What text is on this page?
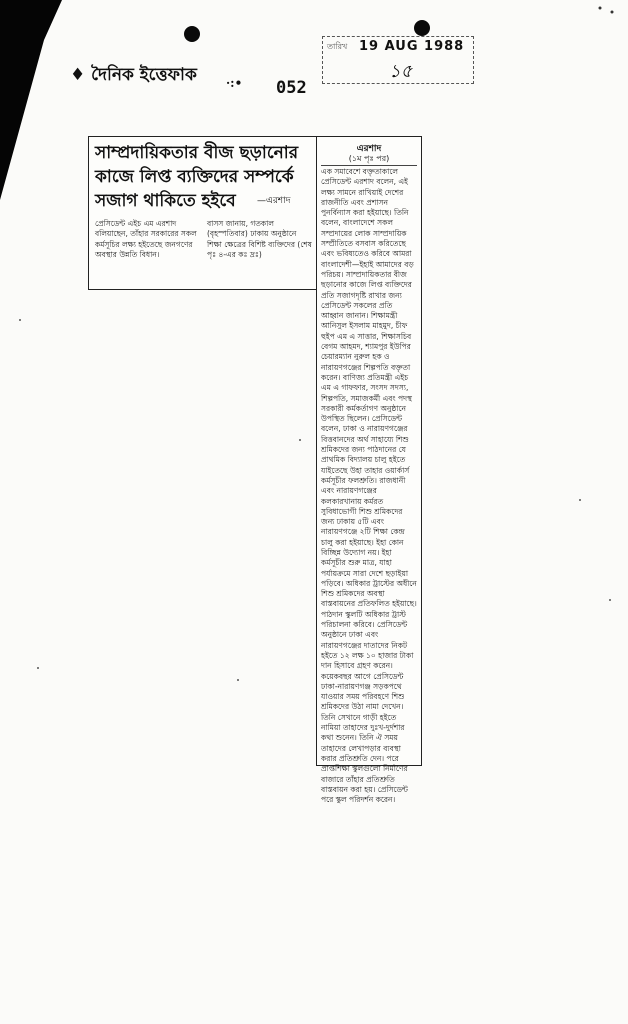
তারিখ 19 AUG 1988
১৫
♦ দৈনিক ইত্তেফাক ·:• 052
সাম্প্রদায়িকতার বীজ ছড়ানোর কাজে লিপ্ত ব্যক্তিদের সম্পর্কে সজাগ থাকিতে হইবে	—এরশাদ
প্রেসিডেন্ট এইচ এম এরশাদ বলিয়াছেন, তাঁহার সরকারের সকল কর্মসূচির লক্ষ্য হইতেছে জনগণের অবস্থার উন্নতি বিধান।
বাসস জানায়, গতকাল (বৃহস্পতিবার) ঢাকায় অনুষ্ঠানে শিক্ষা ক্ষেত্রের বিশিষ্ট ব্যক্তিদের (শেষ পৃঃ ৪-এর কঃ দ্রঃ)
এরশাদ
(১ম পৃঃ পর)
এক সমাবেশে বক্তৃতাকালে প্রেসিডেন্ট এরশাদ বলেন, এই লক্ষ্য সামনে রাখিয়াই দেশের রাজনীতি এবং প্রশাসন পুনর্বিন্যাস করা হইয়াছে। তিনি বলেন, বাংলাদেশে সকল সম্প্রদায়ের লোক সাম্প্রদায়িক সম্প্রীতিতে বসবাস করিতেছে এবং ভবিষ্যতেও করিবে আমরা বাংলাদেশী—ইহাই আমাদের বড় পরিচয়। সাম্প্রদায়িকতার বীজ ছড়ানোর কাজে লিপ্ত ব্যক্তিদের প্রতি সজাগদৃষ্টি রাখার জন্য প্রেসিডেন্ট সকলের প্রতি আহ্বান জানান। শিক্ষামন্ত্রী আনিসুল ইসলাম মাহমুদ, চীফ হুইপ এম এ সাত্তার, শিক্ষাসচিব বেগম আহমদ, শ্যামপুর ইউপির চেয়ারম্যান নুরুল হক ও নারায়ণগঞ্জের শিল্পপতি বক্তৃতা করেন। বাণিজ্য প্রতিমন্ত্রী এইচ এম এ গাফফার, সংসদ সদস্য, শিল্পপতি, সমাজকর্মী এবং পদস্থ সরকারী কর্মকর্তাগণ অনুষ্ঠানে উপস্থিত ছিলেন। প্রেসিডেন্ট বলেন, ঢাকা ও নারায়ণগঞ্জের বিত্তবানদের অর্থ সাহায্যে শিশু শ্রমিকদের জন্য পাঠদানের যে প্রাথমিক বিদ্যালয় চালু হইতে যাইতেছে উহা তাহার ওয়ার্কার্স কর্মসূচীর ফলশ্রুতি। রাজধানী এবং নারায়ণগঞ্জের কলকারখানায় কর্মরত সুবিধাভোগী শিশু শ্রমিকদের জন্য ঢাকায় ৫টি এবং নারায়ণগঞ্জে ২টি শিক্ষা কেন্দ্র চালু করা হইয়াছে। ইহা কোন বিচ্ছিন্ন উদ্যোগ নয়। ইহা কর্মসূচীর শুরু মাত্র, যাহা পর্যায়ক্রমে সারা দেশে ছড়াইয়া পড়িবে। অধিকার ট্রাস্টের অধীনে শিশু শ্রমিকদের অবস্থা বাস্তবায়নের প্রতিফলিত হইয়াছে। পাঠদান স্কুলটি অধিকার ট্রাস্ট পরিচালনা করিবে। প্রেসিডেন্ট অনুষ্ঠানে ঢাকা এবং নারায়ণগঞ্জের দাতাদের নিকট হইতে ১২ লক্ষ ১০ হাজার টাকা দান হিসাবে গ্রহণ করেন। কয়েকবছর আগে প্রেসিডেন্ট ঢাকা-নারায়ণগঞ্জ সড়কপথে যাওয়ার সময় পরিবহণে শিশু শ্রমিকদের উঠা নামা দেখেন। তিনি সেখানে গাড়ী হইতে নামিয়া তাহাদের দুঃখ-দুর্দশার কথা শুনেন। তিনি ঐ সময় তাহাদের লেখাপড়ার ব্যবস্থা করার প্রতিশ্রুতি দেন। পরে প্রাপ্তশিক্ষা স্কুলগুলো নির্মাণের বাজারে তাঁহার প্রতিশ্রুতি বাস্তবায়ন করা হয়। প্রেসিডেন্ট পরে স্কুল পরিদর্শন করেন।
